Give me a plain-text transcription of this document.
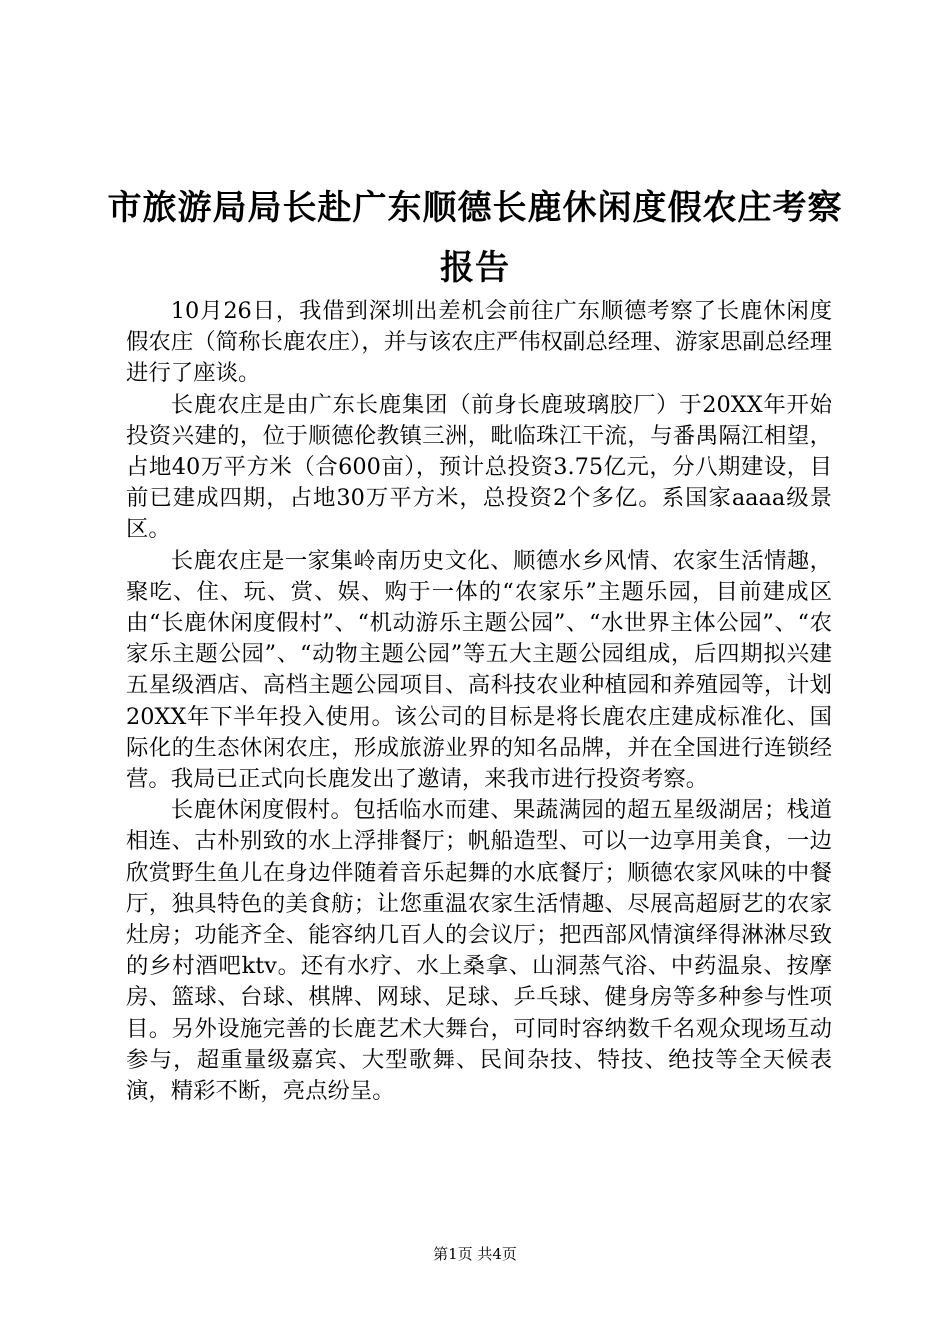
市旅游局局长赴广东顺德长鹿休闲度假农庄考察报告

10月26日，我借到深圳出差机会前往广东顺德考察了长鹿休闲度假农庄（简称长鹿农庄），并与该农庄严伟权副总经理、游家思副总经理进行了座谈。

长鹿农庄是由广东长鹿集团（前身长鹿玻璃胶厂）于20XX年开始投资兴建的，位于顺德伦教镇三洲，毗临珠江干流，与番禺隔江相望，占地40万平方米（合600亩），预计总投资3.75亿元，分八期建设，目前已建成四期，占地30万平方米，总投资2个多亿。系国家aaaa级景区。

长鹿农庄是一家集岭南历史文化、顺德水乡风情、农家生活情趣，聚吃、住、玩、赏、娱、购于一体的“农家乐”主题乐园，目前建成区由“长鹿休闲度假村”、“机动游乐主题公园”、“水世界主体公园”、“农家乐主题公园”、“动物主题公园”等五大主题公园组成，后四期拟兴建五星级酒店、高档主题公园项目、高科技农业种植园和养殖园等，计划20XX年下半年投入使用。该公司的目标是将长鹿农庄建成标准化、国际化的生态休闲农庄，形成旅游业界的知名品牌，并在全国进行连锁经营。我局已正式向长鹿发出了邀请，来我市进行投资考察。

长鹿休闲度假村。包括临水而建、果蔬满园的超五星级湖居；栈道相连、古朴别致的水上浮排餐厅；帆船造型、可以一边享用美食，一边欣赏野生鱼儿在身边伴随着音乐起舞的水底餐厅；顺德农家风味的中餐厅，独具特色的美食舫；让您重温农家生活情趣、尽展高超厨艺的农家灶房；功能齐全、能容纳几百人的会议厅；把西部风情演绎得淋淋尽致的乡村酒吧ktv。还有水疗、水上桑拿、山洞蒸气浴、中药温泉、按摩房、篮球、台球、棋牌、网球、足球、乒乓球、健身房等多种参与性项目。另外设施完善的长鹿艺术大舞台，可同时容纳数千名观众现场互动参与，超重量级嘉宾、大型歌舞、民间杂技、特技、绝技等全天候表演，精彩不断，亮点纷呈。

第1页 共4页
